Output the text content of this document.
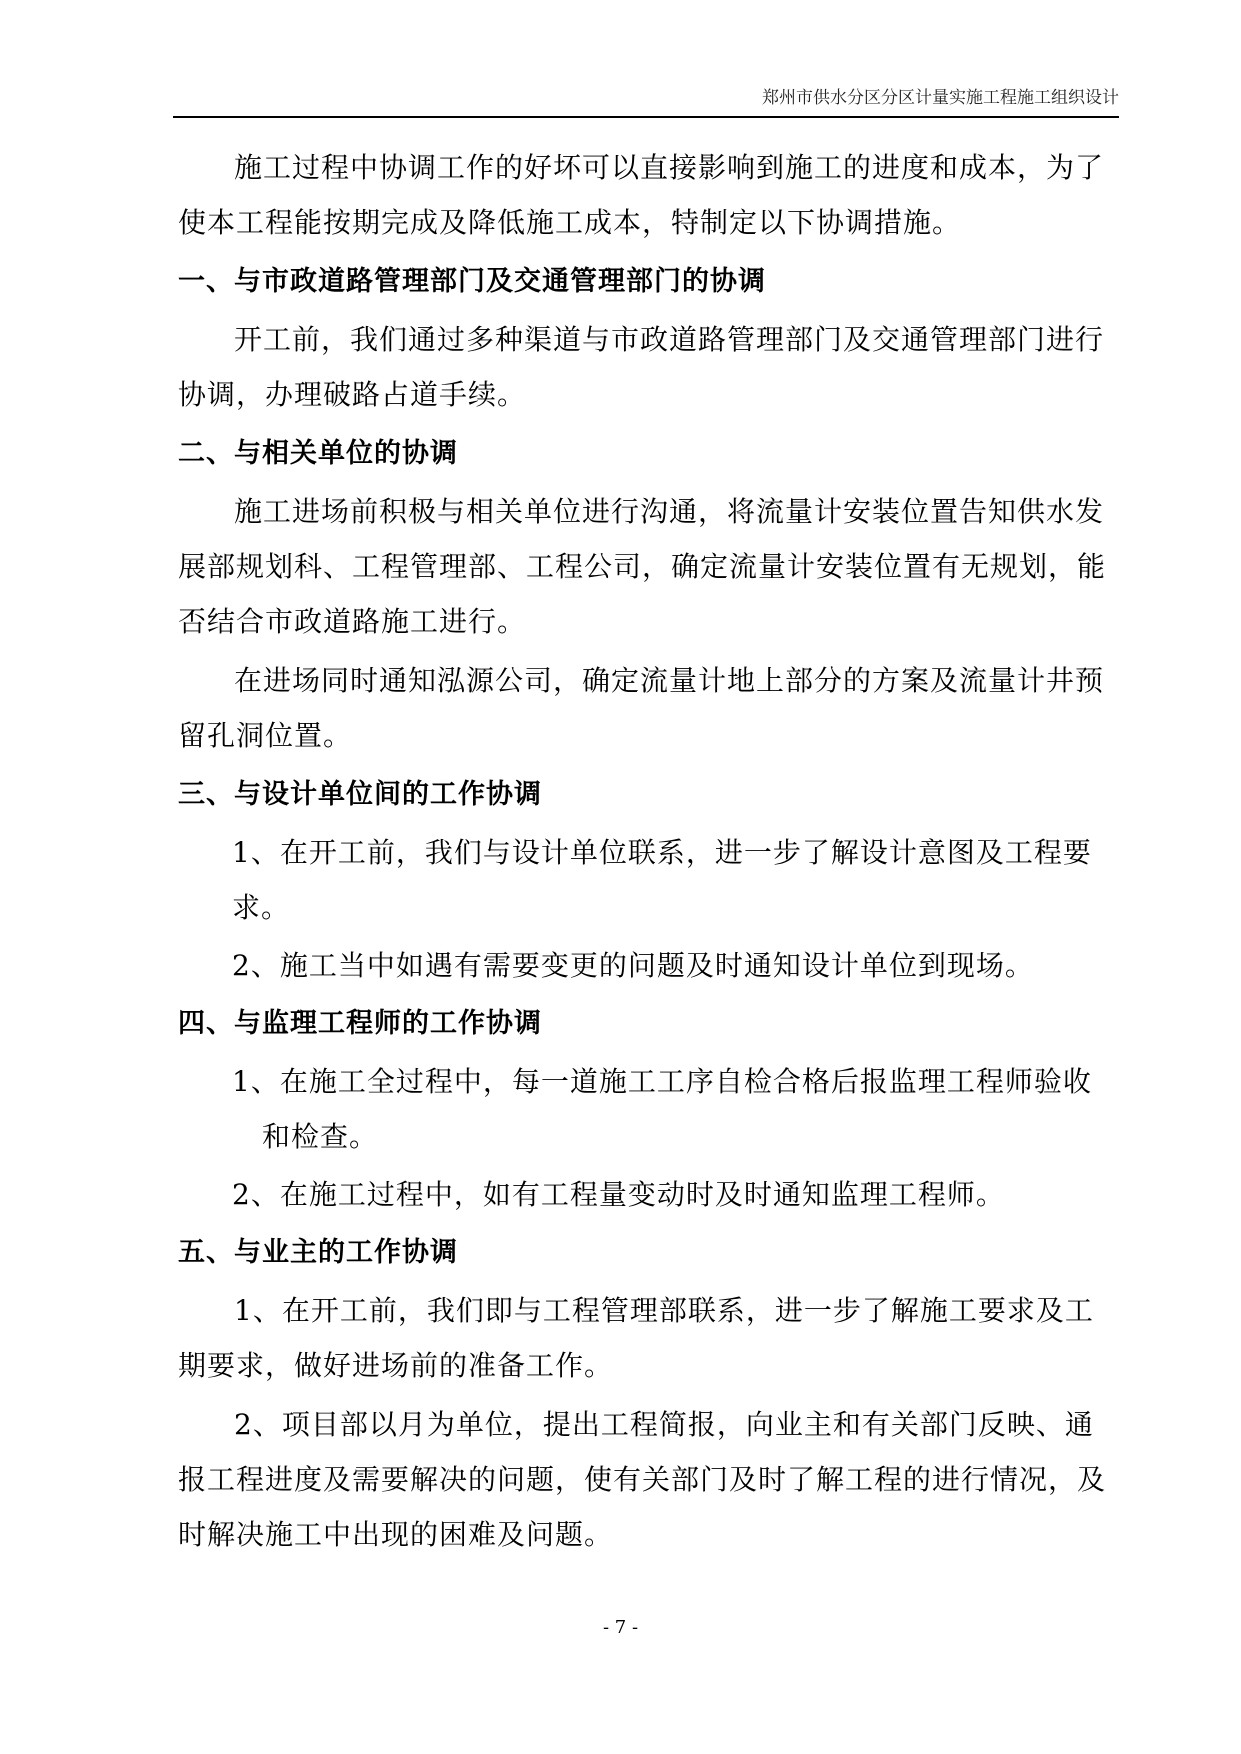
郑州市供水分区分区计量实施工程施工组织设计

施工过程中协调工作的好坏可以直接影响到施工的进度和成本，为了使本工程能按期完成及降低施工成本，特制定以下协调措施。

一、与市政道路管理部门及交通管理部门的协调

开工前，我们通过多种渠道与市政道路管理部门及交通管理部门进行协调，办理破路占道手续。

二、与相关单位的协调

施工进场前积极与相关单位进行沟通，将流量计安装位置告知供水发展部规划科、工程管理部、工程公司，确定流量计安装位置有无规划，能否结合市政道路施工进行。

在进场同时通知泓源公司，确定流量计地上部分的方案及流量计井预留孔洞位置。

三、与设计单位间的工作协调

1、在开工前，我们与设计单位联系，进一步了解设计意图及工程要求。

2、施工当中如遇有需要变更的问题及时通知设计单位到现场。

四、与监理工程师的工作协调

1、在施工全过程中，每一道施工工序自检合格后报监理工程师验收和检查。

2、在施工过程中，如有工程量变动时及时通知监理工程师。

五、与业主的工作协调

1、在开工前，我们即与工程管理部联系，进一步了解施工要求及工期要求，做好进场前的准备工作。

2、项目部以月为单位，提出工程简报，向业主和有关部门反映、通报工程进度及需要解决的问题，使有关部门及时了解工程的进行情况，及时解决施工中出现的困难及问题。

- 7 -
